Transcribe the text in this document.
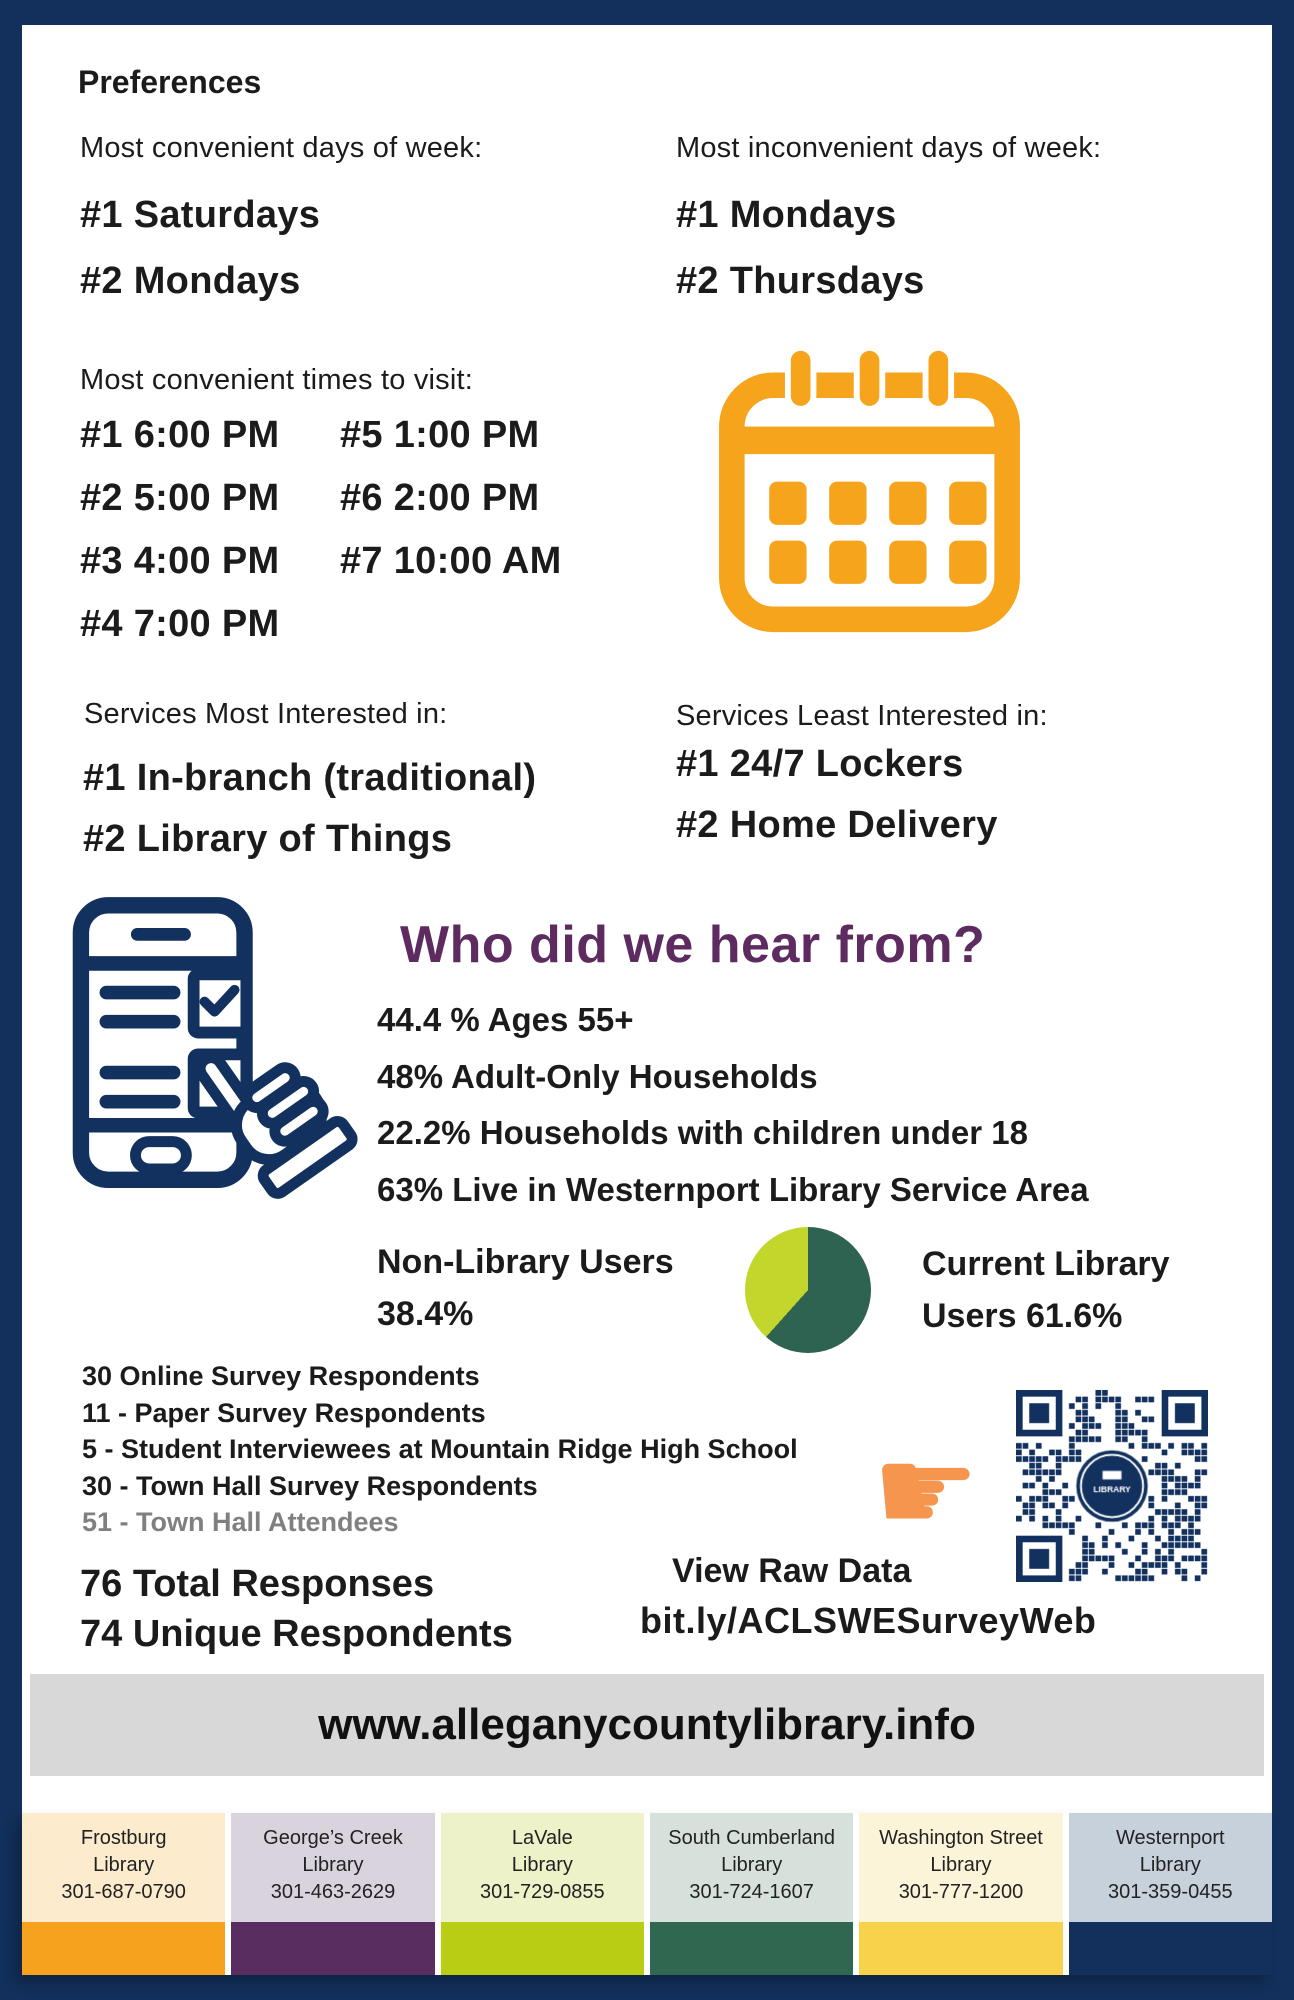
Preferences
Most convenient days of week:
#1 Saturdays
#2 Mondays
Most inconvenient days of week:
#1 Mondays
#2 Thursdays
Most convenient times to visit:
#1 6:00 PM
#2 5:00 PM
#3 4:00 PM
#4 7:00 PM
#5 1:00 PM
#6 2:00 PM
#7 10:00 AM
Services Most Interested in:
#1 In-branch (traditional)
#2 Library of Things
Services Least Interested in:
#1 24/7 Lockers
#2 Home Delivery
Who did we hear from?
44.4 % Ages 55+
48% Adult-Only Households
22.2% Households with children under 18
63% Live in Westernport Library Service Area
Non-Library Users
38.4%
Current Library
Users 61.6%
30 Online Survey Respondents
11 - Paper Survey Respondents
5 - Student Interviewees at Mountain Ridge High School
30 - Town Hall Survey Respondents
51 - Town Hall Attendees
76 Total Responses
74 Unique Respondents
☛
View Raw Data
bit.ly/ACLSWESurveyWeb
www.alleganycountylibrary.info
Frostburg
Library
301-687-0790
George’s Creek
Library
301-463-2629
LaVale
Library
301-729-0855
South Cumberland
Library
301-724-1607
Washington Street
Library
301-777-1200
Westernport
Library
301-359-0455
